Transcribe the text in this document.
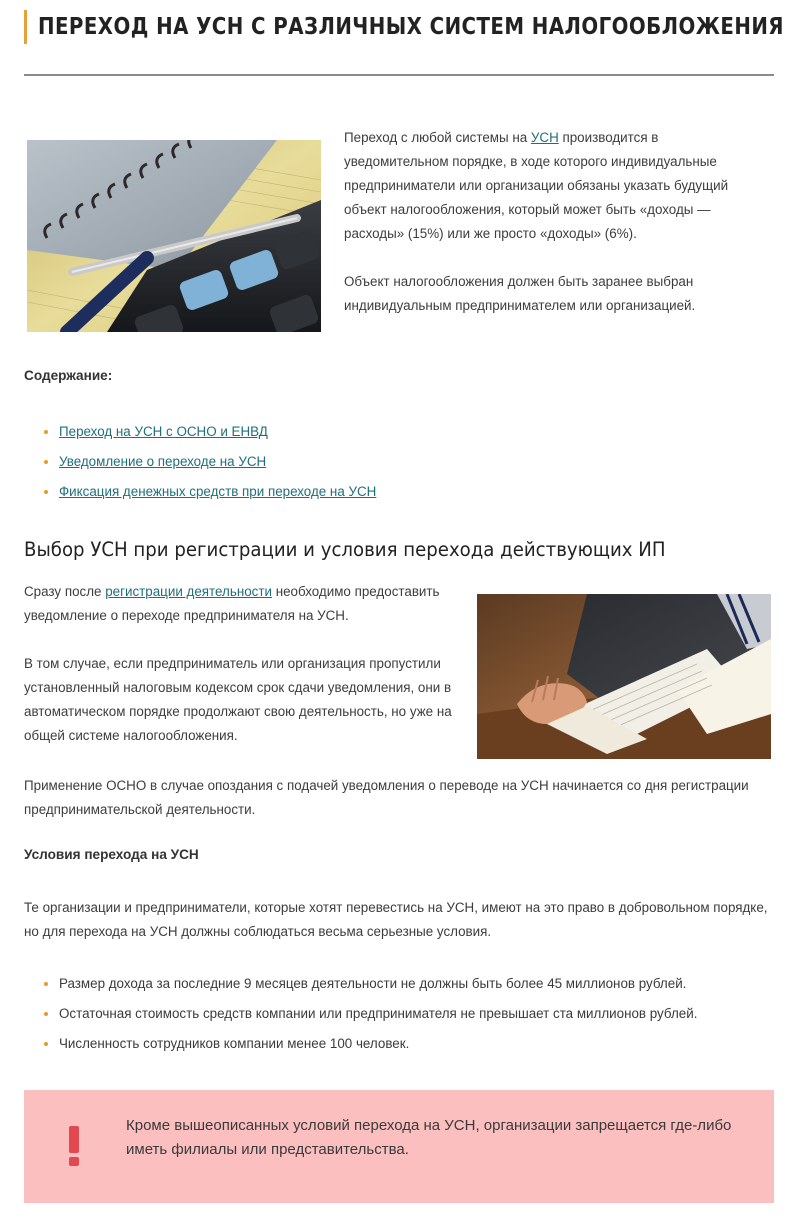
ПЕРЕХОД НА УСН С РАЗЛИЧНЫХ СИСТЕМ НАЛОГООБЛОЖЕНИЯ

Переход с любой системы на УСН производится в уведомительном порядке, в ходе которого индивидуальные предприниматели или организации обязаны указать будущий объект налогообложения, который может быть «доходы — расходы» (15%) или же просто «доходы» (6%).

Объект налогообложения должен быть заранее выбран индивидуальным предпринимателем или организацией.

Содержание:
Переход на УСН с ОСНО и ЕНВД
Уведомление о переходе на УСН
Фиксация денежных средств при переходе на УСН
Выбор УСН при регистрации и условия перехода действующих ИП

Сразу после регистрации деятельности необходимо предоставить уведомление о переходе предпринимателя на УСН.

В том случае, если предприниматель или организация пропустили установленный налоговым кодексом срок сдачи уведомления, они в автоматическом порядке продолжают свою деятельность, но уже на общей системе налогообложения.

Применение ОСНО в случае опоздания с подачей уведомления о переводе на УСН начинается со дня регистрации предпринимательской деятельности.
Условия перехода на УСН
Те организации и предприниматели, которые хотят перевестись на УСН, имеют на это право в добровольном порядке, но для перехода на УСН должны соблюдаться весьма серьезные условия.
Размер дохода за последние 9 месяцев деятельности не должны быть более 45 миллионов рублей.
Остаточная стоимость средств компании или предпринимателя не превышает ста миллионов рублей.
Численность сотрудников компании менее 100 человек.
Кроме вышеописанных условий перехода на УСН, организации запрещается где-либо иметь филиалы или представительства.
